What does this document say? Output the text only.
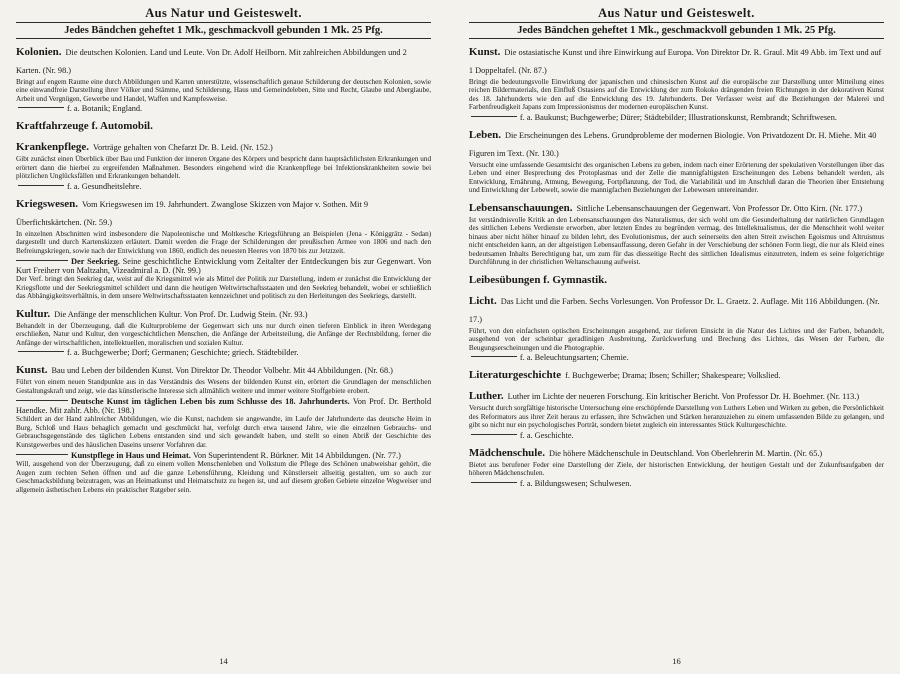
Aus Natur und Geisteswelt.
Jedes Bändchen geheftet 1 Mk., geschmackvoll gebunden 1 Mk. 25 Pfg.
Kolonien. Die deutschen Kolonien. Land und Leute. Von Dr. Adolf Heilborn. Mit zahlreichen Abbildungen und 2 Karten. (Nr. 98.)
Bringt auf engem Raume eine durch Abbildungen und Karten unterstützte, wissenschaftlich genaue Schilderung der deutschen Kolonien, sowie eine einwandfreie Darstellung ihrer Völker und Stämme, und Schilderung, Haus und Gemeindeleben, Sitte und Recht, Glaube und Aberglaube, Arbeit und Vergnügen, Gewerbe und Handel, Waffen und Kampfesweise.
f. a. Botanik; England.
Kraftfahrzeuge f. Automobil.
Krankenpflege. Vorträge gehalten von Chefarzt Dr. B. Leid. (Nr. 152.)
Gibt zunächst einen Überblick über Bau und Funktion der inneren Organe des Körpers und bespricht dann hauptsächlichsten Erkrankungen und erörtert dann die hierbei zu ergreifenden Maßnahmen. Besonders eingehend wird die Krankenpflege bei Infektionskrankheiten sowie bei plötzlichen Unglücksfällen und Erkrankungen behandelt.
f. a. Gesundheitslehre.
Kriegswesen. Vom Kriegswesen im 19. Jahrhundert. Zwanglose Skizzen von Major v. Sothen. Mit 9 Überfichtskärtchen. (Nr. 59.)
In einzelnen Abschnitten wird insbesondere die Napoleonische und Moltkesche Kriegsführung an Beispielen (Jena - Königgrätz - Sedan) dargestellt und durch Kartenskizzen erläutert. Damit werden die Frage der Schilderungen der preußischen Armee von 1806 und nach den Befreiungskriegen, sowie nach der Entwicklung von 1860, endlich des neuesten Heeres von 1870 bis zur Jetztzeit.
Der Seekrieg. Seine geschichtliche Entwicklung vom Zeitalter der Entdeckungen bis zur Gegenwart. Von Kurt Freiherr von Maltzahn, Vizeadmiral a. D. (Nr. 99.)
Der Verf. bringt den Seekrieg dar, weist auf die Kriegsmittel wie als Mittel der Politik zur Darstellung, indem er zunächst die Entwicklung der Kriegsflotte und der Seekriegsmittel schildert und dann die heutigen Weltwirtschaftsstaaten und den Seekrieg behandelt, wobei er schließlich das Abhängigkeitsverhältnis, in dem unsere Weltwirtschaftsstaaten kennzeichnet und politisch zu den Herleitungen des Seekriegs, darstellt.
Kultur. Die Anfänge der menschlichen Kultur. Von Prof. Dr. Ludwig Stein. (Nr. 93.)
Behandelt in der Überzeugung, daß die Kulturprobleme der Gegenwart sich uns nur durch einen tieferen Einblick in ihren Werdegang erschließen, Natur und Kultur, den vorgeschichtlichen Menschen, die Anfänge der Arbeitsteilung, die Anfänge der Rechtsbildung, ferner die Anfänge der wirtschaftlichen, intellektuellen, moralischen und sozialen Kultur.
f. a. Buchgewerbe; Dorf; Germanen; Geschichte; griech. Städtebilder.
Kunst. Bau und Leben der bildenden Kunst. Von Direktor Dr. Theodor Volbehr. Mit 44 Abbildungen. (Nr. 68.)
Führt von einem neuen Standpunkte aus in das Verständnis des Wesens der bildenden Kunst ein, erörtert die Grundlagen der menschlichen Gestaltungskraft und zeigt, wie das künstlerische Interesse sich allmählich weitere und immer weitere Stoffgebiete erobert.
Deutsche Kunst im täglichen Leben bis zum Schlusse des 18. Jahrhunderts. Von Prof. Dr. Berthold Haendke. Mit zahlr. Abb. (Nr. 198.)
Schildert an der Hand zahlreicher Abbildungen, wie die Kunst, nachdem sie angewandte, im Laufe der Jahrhunderte das deutsche Heim in Burg, Schloß und Haus behaglich gemacht und geschmückt hat, verfolgt durch etwa tausend Jahre, wie die einzelnen Gebrauchs- und Gebrauchsgegenstände des täglichen Lebens entstanden sind und sich gewandelt haben, und stellt so einen Abriß der Geschichte des Kunstgewerbes und des häuslichen Daseins unserer Vorfahren dar.
Kunstpflege in Haus und Heimat. Von Superintendent R. Bürkner. Mit 14 Abbildungen. (Nr. 77.)
Will, ausgehend von der Überzeugung, daß zu einem vollen Menschenleben und Volkstum die Pflege des Schönen unabweisbar gehört, die Augen zum rechten Sehen öffnen und auf die ganze Lebensführung, Kleidung und Künstlerseit allseitig gestalten, um so auch zur Geschmacksbildung beizutragen, was an Heimatkunst und Heimatschutz zu hegen ist, und auf diesem großen Gebiete einzelne Wegweiser und allgemein ästhetischen Lebens ein praktischer Ratgeber sein.
14
Aus Natur und Geisteswelt.
Jedes Bändchen geheftet 1 Mk., geschmackvoll gebunden 1 Mk. 25 Pfg.
Kunst. Die ostasiatische Kunst und ihre Einwirkung auf Europa. Von Direktor Dr. R. Graul. Mit 49 Abb. im Text und auf 1 Doppeltafel. (Nr. 87.)
Bringt die bedeutungsvolle Einwirkung der japanischen und chinesischen Kunst auf die europäische zur Darstellung unter Mitteilung eines reichen Bildermaterials, den Einfluß Ostasiens auf die Entwicklung der zum Rokoko drängenden freien Richtungen in der dekorativen Kunst des 18. Jahrhunderts wie den auf die Entwicklung des 19. Jahrhunderts. Der Verfasser weist auf die Beziehungen der Malerei und Farbenfreudigkeit Japans zum Impressionismus der modernen europäischen Kunst.
f. a. Baukunst; Buchgewerbe; Dürer; Städtebilder; Illustrationskunst, Rembrandt; Schriftwesen.
Leben. Die Erscheinungen des Lebens. Grundprobleme der modernen Biologie. Von Privatdozent Dr. H. Miehe. Mit 40 Figuren im Text. (Nr. 130.)
Versucht eine umfassende Gesamtsicht des organischen Lebens zu geben, indem nach einer Erörterung der spekulativen Vorstellungen über das Leben und einer Besprechung des Protoplasmas und der Zelle die mannigfaltigsten Erscheinungen des Lebens behandelt werden, als Entwicklung, Ernährung, Atmung, Bewegung, Fortpflanzung, der Tod, die Variabilität und im Anschluß daran die Theorien über Entstehung und Entwicklung der Lebewelt, sowie die mannigfachen Beziehungen der Lebewesen untereinander.
Lebensanschauungen. Sittliche Lebensanschauungen der Gegenwart. Von Professor Dr. Otto Kirn. (Nr. 177.)
Ist verständnisvolle Kritik an den Lebensanschauungen des Naturalismus, der sich wohl um die Gesunderhaltung der natürlichen Grundlagen des sittlichen Lebens Verdienste erworben, aber letzten Endes zu begründen vermag, des Intellektualismus, der die Menschheit wohl weiter hinaus aber nicht höher hinauf zu bilden lehrt, des Evolutionismus, der auch seinerseits den alten Streit zwischen Egoismus und Altruismus nicht entscheiden kann, an der altgeistigen Lebensauffassung, deren Gefahr in der Verschiebung der schönen Form liegt, die nur als Kleid eines bedeutsamen Inhalts Berechtigung hat, um zum für das diesseitige Recht des sittlichen Idealismus einzutreten, indem es seine folgerichtige Durchführung in der christlichen Weltanschauung aufweist.
Leibesübungen f. Gymnastik.
Licht. Das Licht und die Farben. Sechs Vorlesungen. Von Professor Dr. L. Graetz. 2. Auflage. Mit 116 Abbildungen. (Nr. 17.)
Führt, von den einfachsten optischen Erscheinungen ausgehend, zur tieferen Einsicht in die Natur des Lichtes und der Farben, behandelt, ausgehend von der scheinbar geradlinigen Ausbreitung, Zurückwerfung und Brechung des Lichtes, das Wesen der Farben, die Beugungserscheinungen und die Photographie.
f. a. Beleuchtungsarten; Chemie.
Literaturgeschichte f. Buchgewerbe; Drama; Ibsen; Schiller; Shakespeare; Volkslied.
Luther. Luther im Lichte der neueren Forschung. Ein kritischer Bericht. Von Professor Dr. H. Boehmer. (Nr. 113.)
Versucht durch sorgfältige historische Untersuchung eine erschöpfende Darstellung von Luthers Leben und Wirken zu geben, die Persönlichkeit des Reformators aus ihrer Zeit heraus zu erfassen, ihre Schwächen und Stärken heranzuziehen zu einem umfassenden Bilde zu gelangen, und gibt so nicht nur ein psychologisches Porträt, sondern bietet zugleich ein interessantes Stück Kulturgeschichte.
f. a. Geschichte.
Mädchenschule. Die höhere Mädchenschule in Deutschland. Von Oberlehrerin M. Martin. (Nr. 65.)
Bietet aus berufener Feder eine Darstellung der Ziele, der historischen Entwicklung, der heutigen Gestalt und der Zukunftsaufgaben der höheren Mädchenschulen.
f. a. Bildungswesen; Schulwesen.
16
